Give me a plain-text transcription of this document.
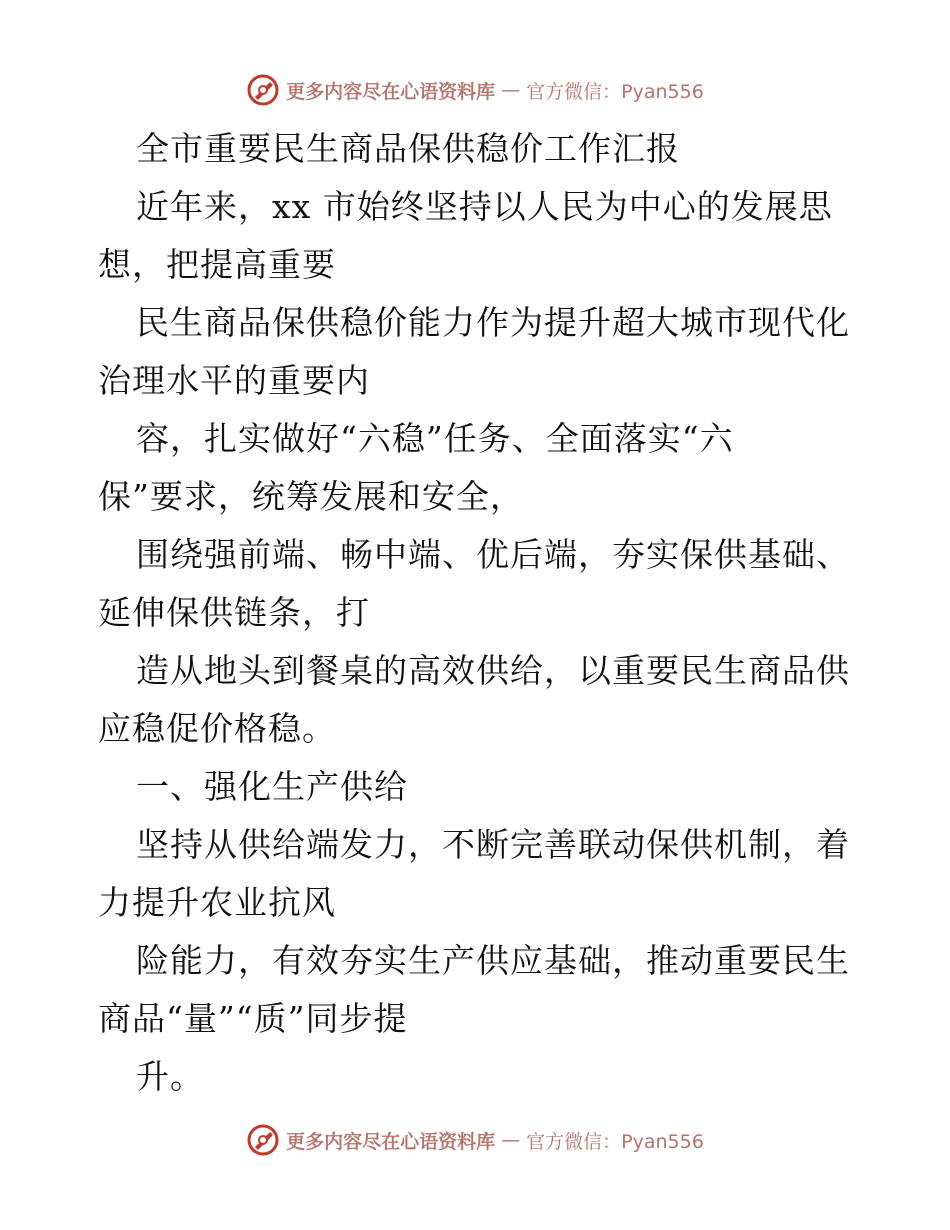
更多内容尽在心语资料库 — 官方微信：Pyan556
全市重要民生商品保供稳价工作汇报
近年来，xx 市始终坚持以人民为中心的发展思
想，把提高重要
民生商品保供稳价能力作为提升超大城市现代化
治理水平的重要内
容，扎实做好“六稳”任务、全面落实“六
保”要求，统筹发展和安全，
围绕强前端、畅中端、优后端，夯实保供基础、
延伸保供链条，打
造从地头到餐桌的高效供给，以重要民生商品供
应稳促价格稳。
一、强化生产供给
坚持从供给端发力，不断完善联动保供机制，着
力提升农业抗风
险能力，有效夯实生产供应基础，推动重要民生
商品“量”“质”同步提
升。
更多内容尽在心语资料库 — 官方微信：Pyan556
